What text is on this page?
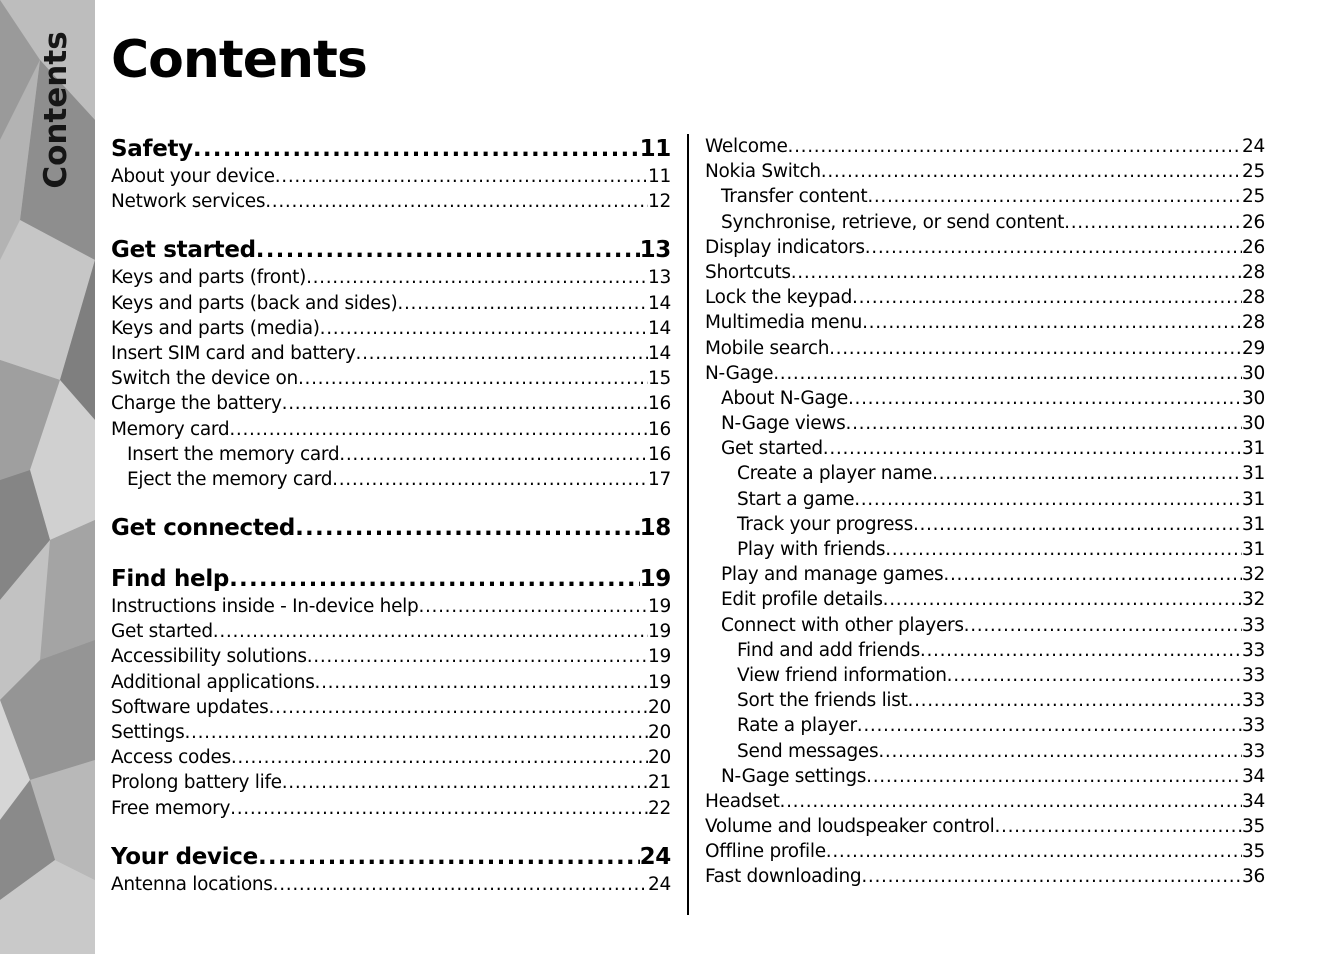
Contents Contents
Safety . . .	11
About your device . . .	11
Network services . . .	12
Get started . . .	13
Keys and parts (front) . . .	13
Keys and parts (back and sides) . . .	14
Keys and parts (media) . . .	14
Insert SIM card and battery . . .	14
Switch the device on . . .	15
Charge the battery . . .	16
Memory card . . .	16
Insert the memory card . . .	16
Eject the memory card . . .	17
Get connected . . .	18
Find help . . .	19
Instructions inside - In-device help . . .	19
Get started . . .	19
Accessibility solutions . . .	19
Additional applications . . .	19
Software updates . . .	20
Settings . . .	20
Access codes . . .	20
Prolong battery life . . .	21
Free memory . . .	22
Your device . . .	24
Antenna locations . . .	24
Welcome . . .	24
Nokia Switch . . .	25
Transfer content . . .	25
Synchronise, retrieve, or send content . . .	26
Display indicators . . .	26
Shortcuts . . .	28
Lock the keypad . . .	28
Multimedia menu . . .	28
Mobile search . . .	29
N-Gage . . .	30
About N-Gage . . .	30
N-Gage views . . .	30
Get started . . .	31
Create a player name . . .	31
Start a game . . .	31
Track your progress . . .	31
Play with friends . . .	31
Play and manage games . . .	32
Edit profile details . . .	32
Connect with other players . . .	33
Find and add friends . . .	33
View friend information . . .	33
Sort the friends list . . .	33
Rate a player . . .	33
Send messages . . .	33
N-Gage settings . . .	34
Headset . . .	34
Volume and loudspeaker control . . .	35
Offline profile . . .	35
Fast downloading . . .	36
